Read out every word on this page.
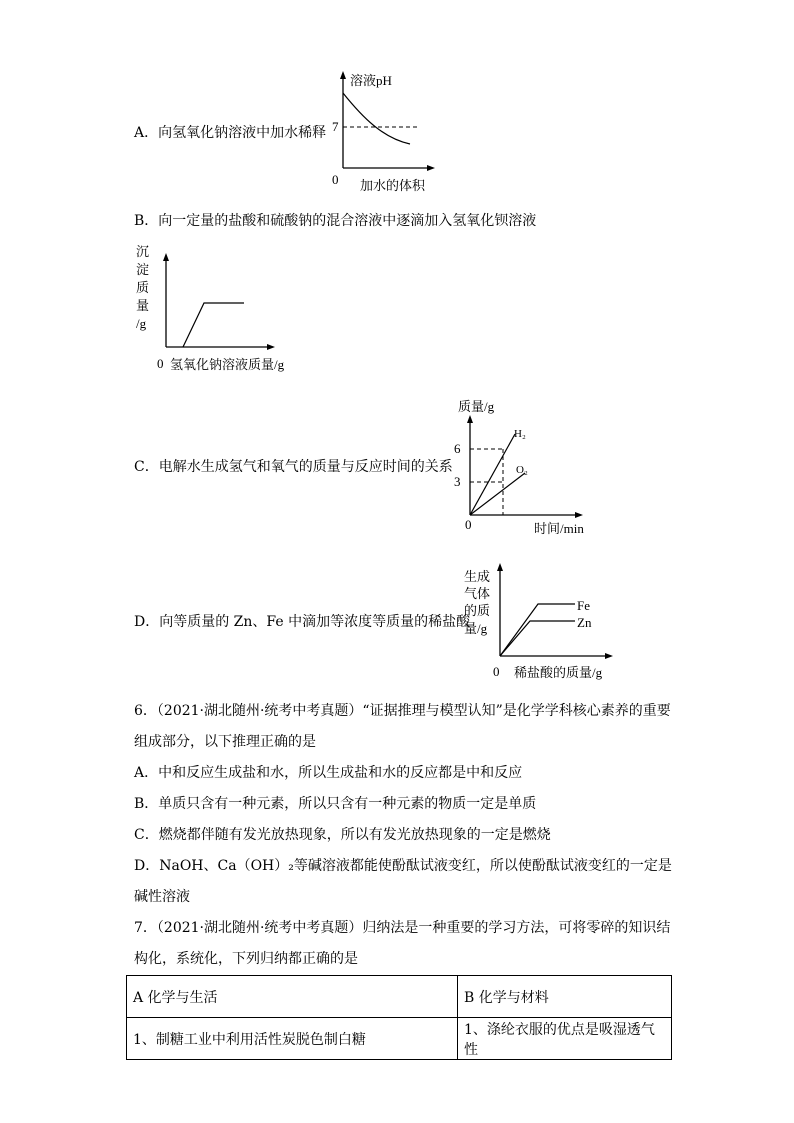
A．向氢氧化钠溶液中加水稀释
溶液pH
7
0 加水的体积
B．向一定量的盐酸和硫酸钠的混合溶液中逐滴加入氢氧化钡溶液
沉
淀
质
量
/g
0 氢氧化钠溶液质量/g
C．电解水生成氢气和氧气的质量与反应时间的关系
质量/g
6
3
0
H₂
O₂
时间/min
D．向等质量的 Zn、Fe 中滴加等浓度等质量的稀盐酸
生成
气体
的质
量/g
Fe
Zn
0 稀盐酸的质量/g
6．（2021·湖北随州·统考中考真题）“证据推理与模型认知”是化学学科核心素养的重要
组成部分，以下推理正确的是
A．中和反应生成盐和水，所以生成盐和水的反应都是中和反应
B．单质只含有一种元素，所以只含有一种元素的物质一定是单质
C．燃烧都伴随有发光放热现象，所以有发光放热现象的一定是燃烧
D．NaOH、Ca（OH）₂等碱溶液都能使酚酞试液变红，所以使酚酞试液变红的一定是
碱性溶液
7．（2021·湖北随州·统考中考真题）归纳法是一种重要的学习方法，可将零碎的知识结
构化，系统化，下列归纳都正确的是
A 化学与生活	B 化学与材料
1、制糖工业中利用活性炭脱色制白糖	1、涤纶衣服的优点是吸湿透气性
